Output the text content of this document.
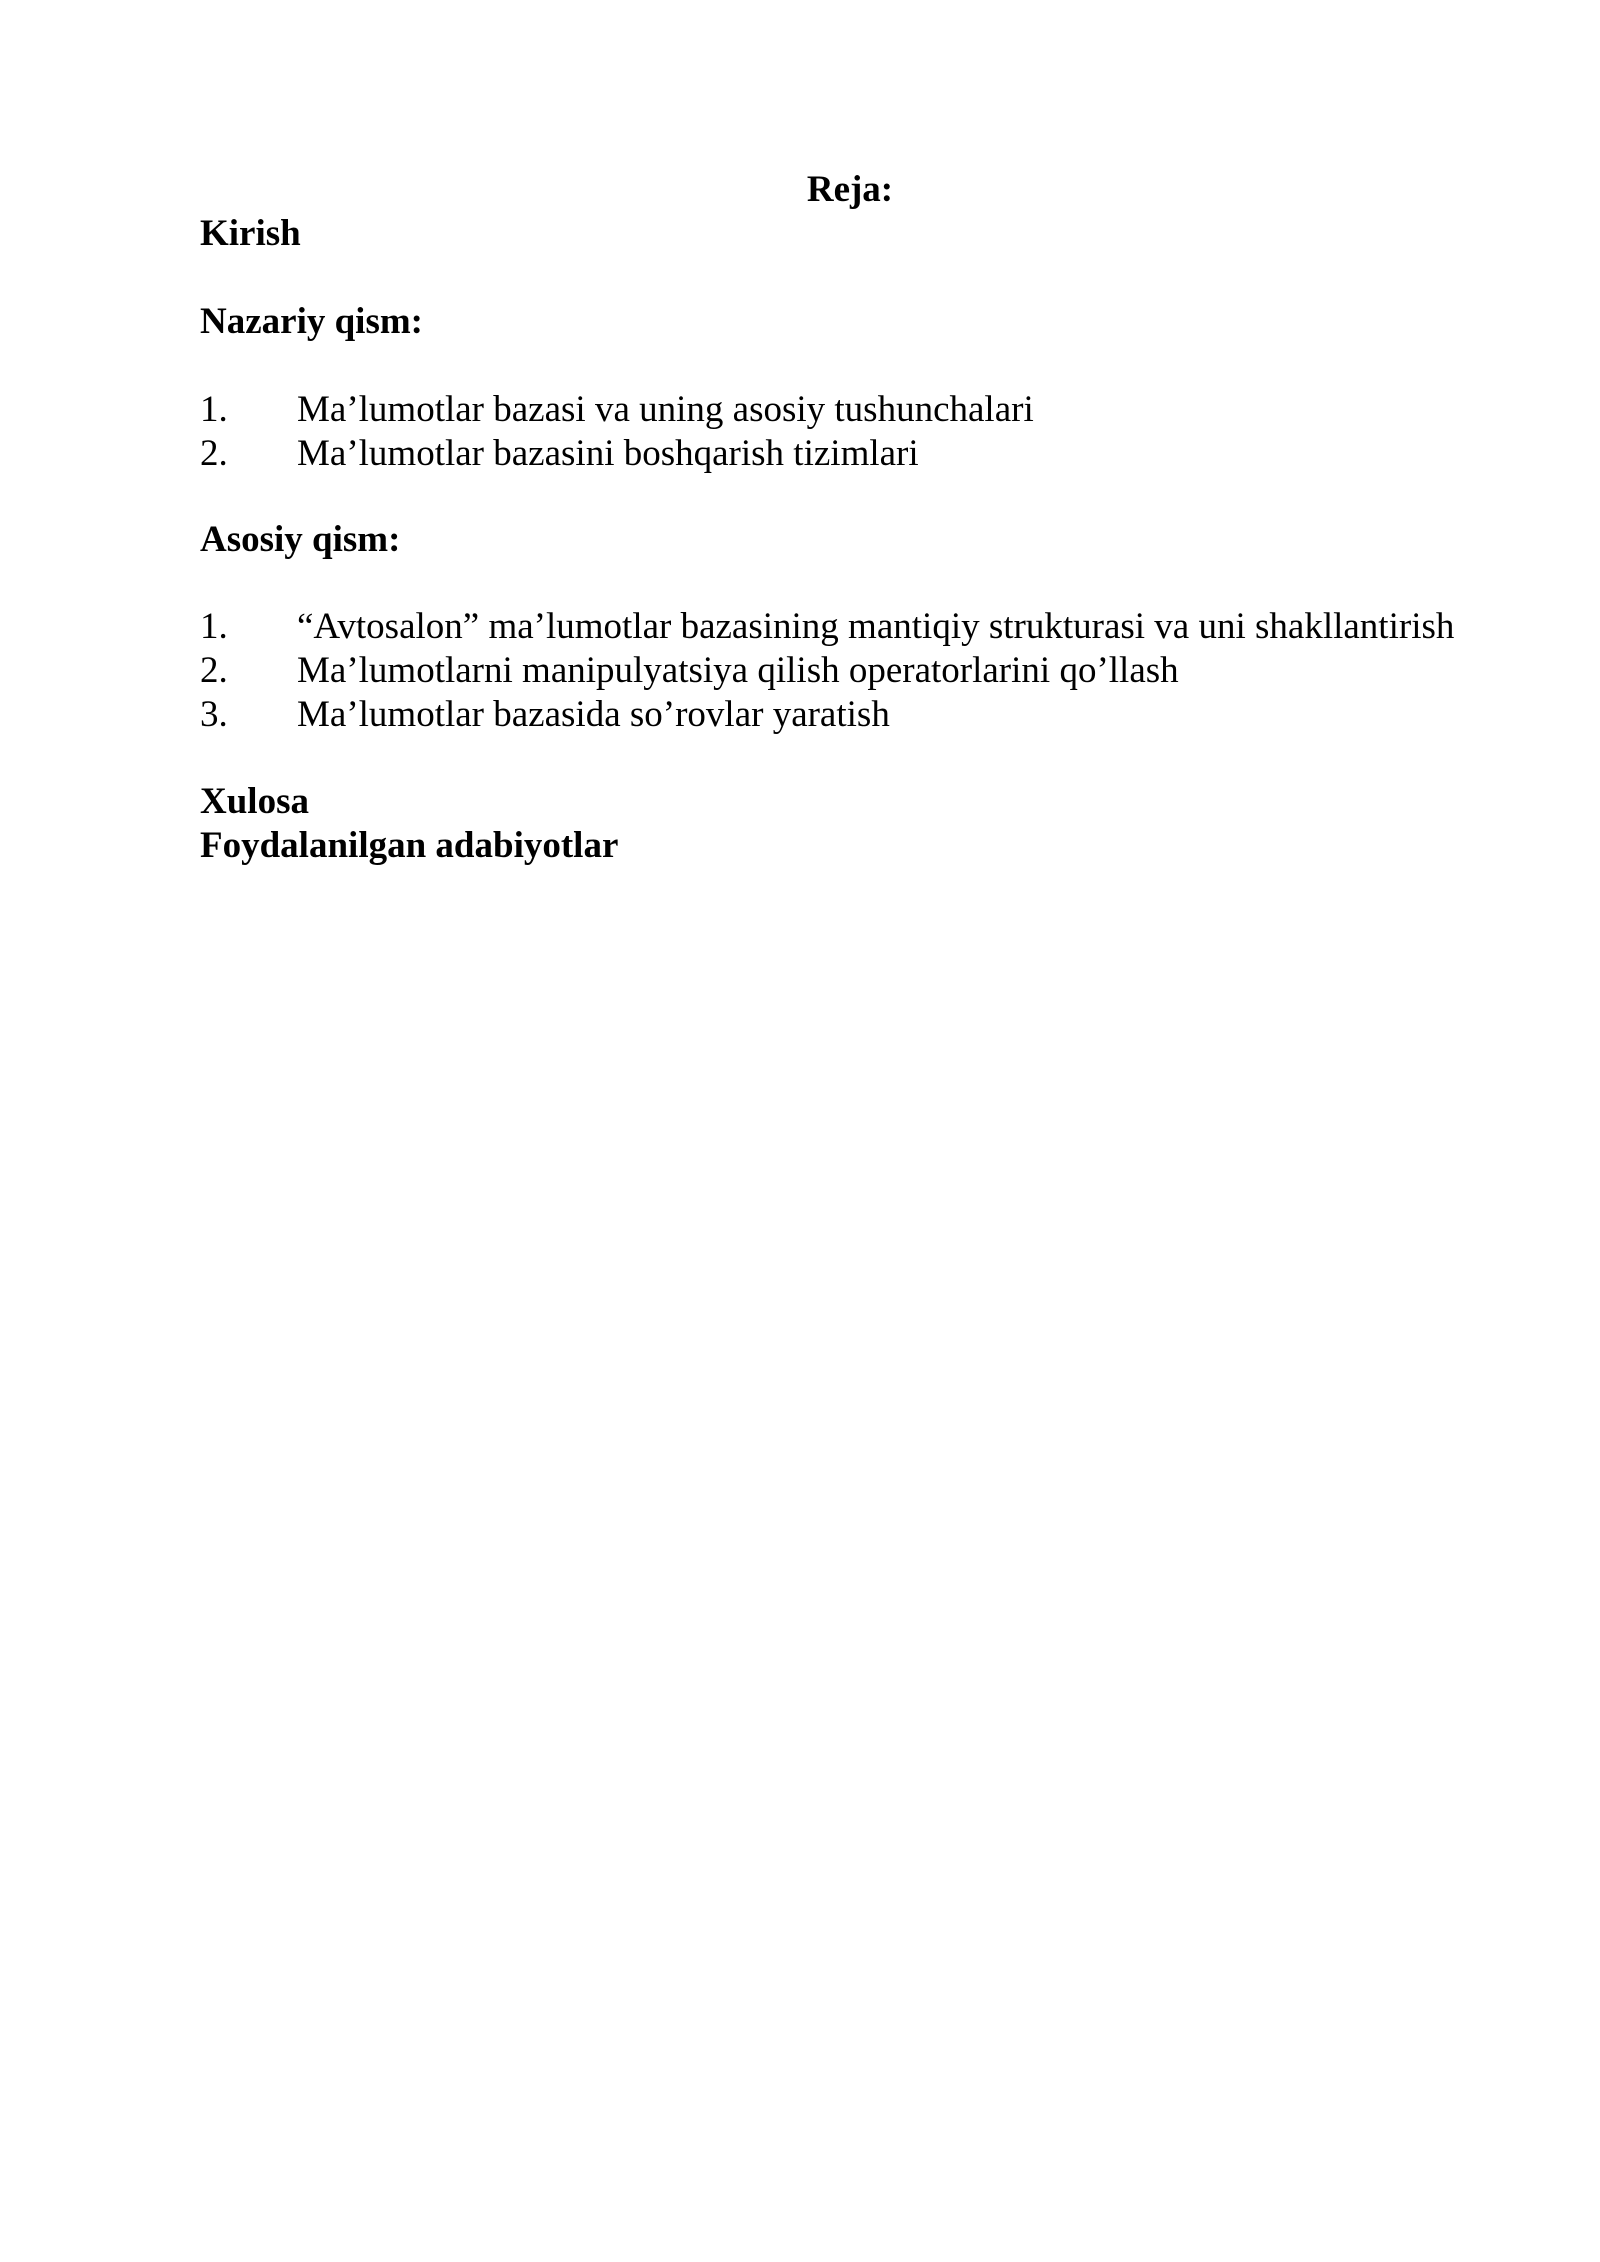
Reja:
Kirish
Nazariy qism:
1. Ma’lumotlar bazasi va uning asosiy tushunchalari
2. Ma’lumotlar bazasini boshqarish tizimlari
Asosiy qism:
1. “Avtosalon” ma’lumotlar bazasining mantiqiy strukturasi va uni shakllantirish
2. Ma’lumotlarni manipulyatsiya qilish operatorlarini qo’llash
3. Ma’lumotlar bazasida so’rovlar yaratish
Xulosa
Foydalanilgan adabiyotlar
